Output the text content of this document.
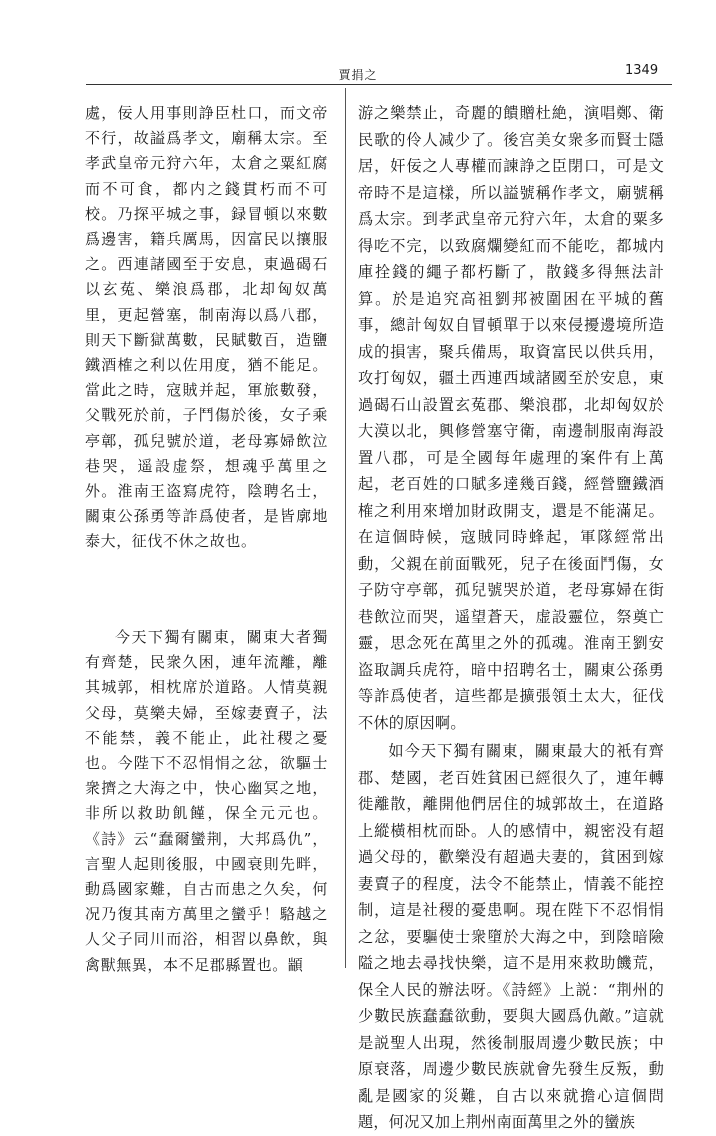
賈捐之	1349

處，佞人用事則諍臣杜口，而文帝不行，故謚爲孝文，廟稱太宗。至孝武皇帝元狩六年，太倉之粟紅腐而不可食，都内之錢貫朽而不可校。乃探平城之事，録冒頓以來數爲邊害，籍兵厲馬，因富民以攘服之。西連諸國至于安息，東過碣石以玄菟、樂浪爲郡，北却匈奴萬里，更起營塞，制南海以爲八郡，則天下斷獄萬數，民賦數百，造鹽鐵酒榷之利以佐用度，猶不能足。當此之時，寇賊并起，軍旅數發，父戰死於前，子鬥傷於後，女子乘亭鄣，孤兒號於道，老母寡婦飲泣巷哭，遥設虚祭，想魂乎萬里之外。淮南王盗寫虎符，陰聘名士，關東公孫勇等詐爲使者，是皆廓地泰大，征伐不休之故也。

今天下獨有關東，關東大者獨有齊楚，民衆久困，連年流離，離其城郭，相枕席於道路。人情莫親父母，莫樂夫婦，至嫁妻賣子，法不能禁，義不能止，此社稷之憂也。今陛下不忍悁悁之忿，欲驅士衆擠之大海之中，快心幽冥之地，非所以救助飢饉，保全元元也。《詩》云“蠢爾蠻荆，大邦爲仇”，言聖人起則後服，中國衰則先畔，動爲國家難，自古而患之久矣，何况乃復其南方萬里之蠻乎！駱越之人父子同川而浴，相習以鼻飲，與禽獸無異，本不足郡縣置也。顓

游之樂禁止，奇麗的饋贈杜絶，演唱鄭、衛民歌的伶人减少了。後宫美女衆多而賢士隱居，奸佞之人專權而諫諍之臣閉口，可是文帝時不是這樣，所以謚號稱作孝文，廟號稱爲太宗。到孝武皇帝元狩六年，太倉的粟多得吃不完，以致腐爛變紅而不能吃，都城内庫拴錢的繩子都朽斷了，散錢多得無法計算。於是追究高祖劉邦被圍困在平城的舊事，總計匈奴自冒頓單于以來侵擾邊境所造成的損害，聚兵備馬，取資富民以供兵用，攻打匈奴，疆土西連西域諸國至於安息，東過碣石山設置玄菟郡、樂浪郡，北却匈奴於大漠以北，興修營塞守衛，南邊制服南海設置八郡，可是全國每年處理的案件有上萬起，老百姓的口賦多達幾百錢，經營鹽鐵酒榷之利用來增加財政開支，還是不能滿足。在這個時候，寇賊同時蜂起，軍隊經常出動，父親在前面戰死，兒子在後面鬥傷，女子防守亭鄣，孤兒號哭於道，老母寡婦在街巷飲泣而哭，遥望蒼天，虚設靈位，祭奠亡靈，思念死在萬里之外的孤魂。淮南王劉安盗取調兵虎符，暗中招聘名士，關東公孫勇等詐爲使者，這些都是擴張領土太大，征伐不休的原因啊。

如今天下獨有關東，關東最大的衹有齊郡、楚國，老百姓貧困已經很久了，連年轉徙離散，離開他們居住的城郭故土，在道路上縱橫相枕而卧。人的感情中，親密没有超過父母的，歡樂没有超過夫妻的，貧困到嫁妻賣子的程度，法令不能禁止，情義不能控制，這是社稷的憂患啊。現在陛下不忍悁悁之忿，要驅使士衆墮於大海之中，到陰暗險隘之地去尋找快樂，這不是用來救助饑荒，保全人民的辦法呀。《詩經》上説：“荆州的少數民族蠢蠢欲動，要與大國爲仇敵。”這就是説聖人出現，然後制服周邊少數民族；中原衰落，周邊少數民族就會先發生反叛，動亂是國家的災難，自古以來就擔心這個問題，何况又加上荆州南面萬里之外的蠻族
